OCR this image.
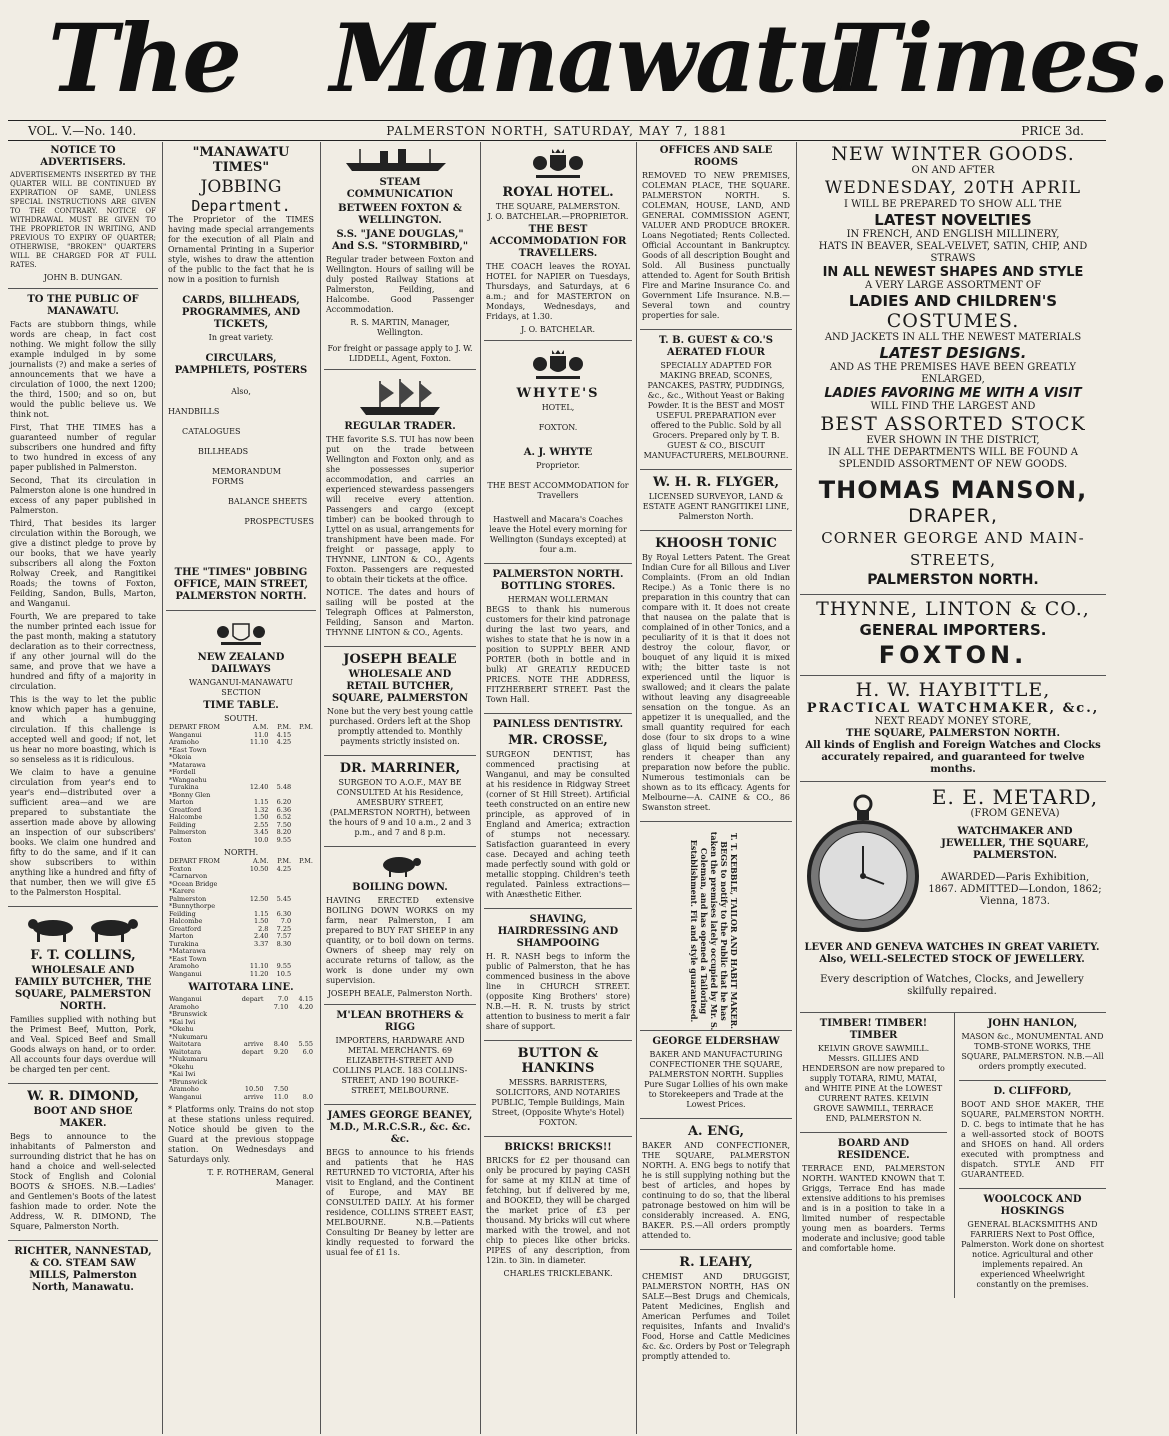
The Manawatu
Times.
PALMERSTON NORTH, SATURDAY, MAY 7, 1881
VOL. V.—No. 140.	PRICE 3d.
NOTICE TO ADVERTISERS.

ADVERTISEMENTS INSERTED BY THE QUARTER WILL BE CONTINUED BY EXPIRATION OF SAME, UNLESS SPECIAL INSTRUCTIONS ARE GIVEN TO THE CONTRARY. NOTICE OF WITHDRAWAL MUST BE GIVEN TO THE PROPRIETOR IN WRITING, AND PREVIOUS TO EXPIRY OF QUARTER; OTHERWISE, "BROKEN" QUARTERS WILL BE CHARGED FOR AT FULL RATES.

JOHN B. DUNGAN.
TO THE PUBLIC OF MANAWATU.

Facts are stubborn things, while words are cheap, in fact cost nothing. We might follow the silly example indulged in by some journalists (?) and make a series of announcements that we have a circulation of 1000, the next 1200; the third, 1500; and so on, but would the public believe us. We think not.

First, That THE TIMES has a guaranteed number of regular subscribers one hundred and fifty to two hundred in excess of any paper published in Palmerston.

Second, That its circulation in Palmerston alone is one hundred in excess of any paper published in Palmerston.

Third, That besides its larger circulation within the Borough, we give a distinct pledge to prove by our books, that we have yearly subscribers all along the Foxton Rolway Creek, and Rangitikei Roads; the towns of Foxton, Feilding, Sandon, Bulls, Marton, and Wanganui.

Fourth, We are prepared to take the number printed each issue for the past month, making a statutory declaration as to their correctness, if any other journal will do the same, and prove that we have a hundred and fifty of a majority in circulation.

This is the way to let the public know which paper has a genuine, and which a humbugging circulation. If this challenge is accepted well and good; if not, let us hear no more boasting, which is so senseless as it is ridiculous.

We claim to have a genuine circulation from year's end to year's end—distributed over a sufficient area—and we are prepared to substantiate the assertion made above by allowing an inspection of our subscribers' books. We claim one hundred and fifty to do the same, and if it can show subscribers to within anything like a hundred and fifty of that number, then we will give £5 to the Palmerston Hospital.

F. T. COLLINS,
WHOLESALE AND FAMILY BUTCHER, THE SQUARE, PALMERSTON NORTH.

Families supplied with nothing but the Primest Beef, Mutton, Pork, and Veal. Spiced Beef and Small Goods always on hand, or to order. All accounts four days overdue will be charged ten per cent.

W. R. DIMOND,
BOOT AND SHOE MAKER.

Begs to announce to the inhabitants of Palmerston and surrounding district that he has on hand a choice and well-selected Stock of English and Colonial BOOTS & SHOES. N.B.—Ladies' and Gentlemen's Boots of the latest fashion made to order. Note the Address, W. R. DIMOND, The Square, Palmerston North.

RICHTER, NANNESTAD, & CO. STEAM SAW MILLS, Palmerston North, Manawatu.
"MANAWATU TIMES"
JOBBING
Department.

The Proprietor of the TIMES having made special arrangements for the execution of all Plain and Ornamental Printing in a Superior style, wishes to draw the attention of the public to the fact that he is now in a position to furnish

CARDS, BILLHEADS, PROGRAMMES, AND TICKETS,
In great variety.
CIRCULARS, PAMPHLETS, POSTERS
Also,
HANDBILLS
CATALOGUES
BILLHEADS
MEMORANDUM FORMS
BALANCE SHEETS
PROSPECTUSES
THE "TIMES" JOBBING OFFICE, MAIN STREET, PALMERSTON NORTH.
NEW ZEALAND DAILWAYS
WANGANUI-MANAWATU SECTION
TIME TABLE.
SOUTH.
DEPART FROM	A.M.	P.M.	P.M.
Wanganui	11.0	4.15	
Aramoho	11.10	4.25	
*East Town			
*Okoia			
*Matarawa			
*Fordell			
*Wangaehu			
Turakina	12.40	5.48	
*Bonny Glen			
Marton	1.15	6.20	
Greatford	1.32	6.36	
Halcombe	1.50	6.52	
Feilding	2.55	7.50	
Palmerston	3.45	8.20	
Foxton	10.0	9.55	
NORTH.
DEPART FROM	A.M.	P.M.	P.M.
Foxton	10.50	4.25	
*Carnarvon			
*Ocean Bridge			
*Karere			
Palmerston	12.50	5.45	
*Bunnythorpe			
Feilding	1.15	6.30	
Halcombe	1.50	7.0	
Greatford	2.8	7.25	
Marton	2.40	7.57	
Turakina	3.37	8.30	
*Matarawa			
*East Town			
Aramoho	11.10	9.55	
Wanganui	11.20	10.5	
WAITOTARA LINE.
Wanganui	depart	7.0	4.15
Aramoho		7.10	4.20
*Brunswick			
*Kai Iwi			
*Okehu			
*Nukumaru			
Waitotara	arrive	8.40	5.55
Waitotara	depart	9.20	6.0
*Nukumaru			
*Okehu			
*Kai Iwi			
*Brunswick			
Aramoho	10.50	7.50	
Wanganui	arrive	11.0	8.0

* Platforms only. Trains do not stop at these stations unless required. Notice should be given to the Guard at the previous stoppage station. On Wednesdays and Saturdays only.

T. F. ROTHERAM, General Manager.
STEAM COMMUNICATION
BETWEEN FOXTON & WELLINGTON.
S.S. "JANE DOUGLAS," And S.S. "STORMBIRD,"

Regular trader between Foxton and Wellington. Hours of sailing will be duly posted Railway Stations at Palmerston, Feilding, and Halcombe. Good Passenger Accommodation.

R. S. MARTIN, Manager, Wellington.
For freight or passage apply to J. W. LIDDELL, Agent, Foxton.
REGULAR TRADER.

THE favorite S.S. TUI has now been put on the trade between Wellington and Foxton only, and as she possesses superior accommodation, and carries an experienced stewardess passengers will receive every attention. Passengers and cargo (except timber) can be booked through to Lyttel on as usual, arrangements for transhipment have been made. For freight or passage, apply to THYNNE, LINTON & CO., Agents Foxton. Passengers are requested to obtain their tickets at the office.

NOTICE. The dates and hours of sailing will be posted at the Telegraph Offices at Palmerston, Feilding, Sanson and Marton. THYNNE LINTON & CO., Agents.

JOSEPH BEALE
WHOLESALE AND RETAIL BUTCHER, SQUARE, PALMERSTON

None but the very best young cattle purchased. Orders left at the Shop promptly attended to. Monthly payments strictly insisted on.

DR. MARRINER,

SURGEON TO A.O.F., MAY BE CONSULTED At his Residence, AMESBURY STREET, (PALMERSTON NORTH), between the hours of 9 and 10 a.m., 2 and 3 p.m., and 7 and 8 p.m.

BOILING DOWN.

HAVING ERECTED extensive BOILING DOWN WORKS on my farm, near Palmerston, I am prepared to BUY FAT SHEEP in any quantity, or to boil down on terms. Owners of sheep may rely on accurate returns of tallow, as the work is done under my own supervision.

JOSEPH BEALE, Palmerston North.
M'LEAN BROTHERS & RIGG

IMPORTERS, HARDWARE AND METAL MERCHANTS. 69 ELIZABETH-STREET AND COLLINS PLACE. 183 COLLINS-STREET, AND 190 BOURKE-STREET, MELBOURNE.

JAMES GEORGE BEANEY, M.D., M.R.C.S.R., &c. &c. &c.

BEGS to announce to his friends and patients that he HAS RETURNED TO VICTORIA, After his visit to England, and the Continent of Europe, and MAY BE CONSULTED DAILY. At his former residence, COLLINS STREET EAST, MELBOURNE. N.B.—Patients Consulting Dr Beaney by letter are kindly requested to forward the usual fee of £1 1s.

ROYAL HOTEL.
THE SQUARE, PALMERSTON.
J. O. BATCHELAR.—PROPRIETOR.
THE BEST ACCOMMODATION FOR TRAVELLERS.

THE COACH leaves the ROYAL HOTEL for NAPIER on Tuesdays, Thursdays, and Saturdays, at 6 a.m.; and for MASTERTON on Mondays, Wednesdays, and Fridays, at 1.30.

J. O. BATCHELAR.
WHYTE'S
HOTEL,
FOXTON.
A. J. WHYTE
Proprietor.
THE BEST ACCOMMODATION for Travellers

Hastwell and Macara's Coaches leave the Hotel every morning for Wellington (Sundays excepted) at four a.m.

PALMERSTON NORTH. BOTTLING STORES.
HERMAN WOLLERMAN

BEGS to thank his numerous customers for their kind patronage during the last two years, and wishes to state that he is now in a position to SUPPLY BEER AND PORTER (both in bottle and in bulk) AT GREATLY REDUCED PRICES. NOTE THE ADDRESS, FITZHERBERT STREET. Past the Town Hall.

PAINLESS DENTISTRY.
MR. CROSSE,

SURGEON DENTIST, has commenced practising at Wanganui, and may be consulted at his residence in Ridgway Street (corner of St Hill Street). Artificial teeth constructed on an entire new principle, as approved of in England and America; extraction of stumps not necessary. Satisfaction guaranteed in every case. Decayed and aching teeth made perfectly sound with gold or metallic stopping. Children's teeth regulated. Painless extractions—with Anæsthetic Either.

SHAVING, HAIRDRESSING AND SHAMPOOING

H. R. NASH begs to inform the public of Palmerston, that he has commenced business in the above line in CHURCH STREET. (opposite King Brothers' store) N.B.—H. R. N. trusts by strict attention to business to merit a fair share of support.

BUTTON & HANKINS

MESSRS. BARRISTERS, SOLICITORS, AND NOTARIES PUBLIC, Temple Buildings, Main Street, (Opposite Whyte's Hotel) FOXTON.

BRICKS! BRICKS!!

BRICKS for £2 per thousand can only be procured by paying CASH for same at my KILN at time of fetching, but if delivered by me, and BOOKED, they will be charged the market price of £3 per thousand. My bricks will cut where marked with the trowel, and not chip to pieces like other bricks. PIPES of any description, from 12in. to 3in. in diameter.

CHARLES TRICKLEBANK.
OFFICES AND SALE ROOMS

REMOVED TO NEW PREMISES, COLEMAN PLACE, THE SQUARE. PALMERSTON NORTH. S. COLEMAN, HOUSE, LAND, AND GENERAL COMMISSION AGENT, VALUER AND PRODUCE BROKER. Loans Negotiated; Rents Collected. Official Accountant in Bankruptcy. Goods of all description Bought and Sold. All Business punctually attended to. Agent for South British Fire and Marine Insurance Co. and Government Life Insurance. N.B.—Several town and country properties for sale.

T. B. GUEST & CO.'S AERATED FLOUR

SPECIALLY ADAPTED FOR MAKING BREAD, SCONES, PANCAKES, PASTRY, PUDDINGS, &c., &c., Without Yeast or Baking Powder. It is the BEST and MOST USEFUL PREPARATION ever offered to the Public. Sold by all Grocers. Prepared only by T. B. GUEST & CO., BISCUIT MANUFACTURERS, MELBOURNE.

W. H. R. FLYGER,

LICENSED SURVEYOR, LAND & ESTATE AGENT RANGITIKEI LINE, Palmerston North.

KHOOSH TONIC

By Royal Letters Patent. The Great Indian Cure for all Billous and Liver Complaints. (From an old Indian Recipe.) As a Tonic there is no preparation in this country that can compare with it. It does not create that nausea on the palate that is complained of in other Tonics, and a peculiarity of it is that it does not destroy the colour, flavor, or bouquet of any liquid it is mixed with; the bitter taste is not experienced until the liquor is swallowed; and it clears the palate without leaving any disagreeable sensation on the tongue. As an appetizer it is unequalled, and the small quantity required for each dose (four to six drops to a wine glass of liquid being sufficient) renders it cheaper than any preparation now before the public. Numerous testimonials can be shown as to its efficacy. Agents for Melbourne—A. CAINE & CO., 86 Swanston street.

T. T. KEBBLE, TAILOR AND HABIT MAKER. BEGS to notify to the Public that he has taken the premises lately occupied by Mr. S. Coleman, and has opened a Tailoring Establishment. Fit and style guaranteed.
GEORGE ELDERSHAW

BAKER AND MANUFACTURING CONFECTIONER THE SQUARE, PALMERSTON NORTH. Supplies Pure Sugar Lollies of his own make to Storekeepers and Trade at the Lowest Prices.

A. ENG,

BAKER AND CONFECTIONER, THE SQUARE, PALMERSTON NORTH. A. ENG begs to notify that he is still supplying nothing but the best of articles, and hopes by continuing to do so, that the liberal patronage bestowed on him will be considerably increased. A. ENG, BAKER. P.S.—All orders promptly attended to.

R. LEAHY,

CHEMIST AND DRUGGIST, PALMERSTON NORTH, HAS ON SALE—Best Drugs and Chemicals, Patent Medicines, English and American Perfumes and Toilet requisites, Infants and Invalid's Food, Horse and Cattle Medicines &c. &c. Orders by Post or Telegraph promptly attended to.

NEW WINTER GOODS.
ON AND AFTER
WEDNESDAY, 20TH APRIL
I WILL BE PREPARED TO SHOW ALL THE
LATEST NOVELTIES
IN FRENCH, AND ENGLISH MILLINERY,
HATS IN BEAVER, SEAL-VELVET, SATIN, CHIP, AND STRAWS
IN ALL NEWEST SHAPES AND STYLE
A VERY LARGE ASSORTMENT OF
LADIES AND CHILDREN'S
COSTUMES.
AND JACKETS IN ALL THE NEWEST MATERIALS
LATEST DESIGNS.
AND AS THE PREMISES HAVE BEEN GREATLY ENLARGED,
LADIES FAVORING ME WITH A VISIT
WILL FIND THE LARGEST AND
BEST ASSORTED STOCK
EVER SHOWN IN THE DISTRICT,
IN ALL THE DEPARTMENTS WILL BE FOUND A SPLENDID ASSORTMENT OF NEW GOODS.
THOMAS MANSON,
DRAPER,
CORNER GEORGE AND MAIN-STREETS,
PALMERSTON NORTH.
THYNNE, LINTON & CO.,
GENERAL IMPORTERS.
FOXTON.
H. W. HAYBITTLE,
PRACTICAL WATCHMAKER, &c.,
NEXT READY MONEY STORE,
THE SQUARE, PALMERSTON NORTH.
All kinds of English and Foreign Watches and Clocks accurately repaired, and guaranteed for twelve months.
E. E. METARD,
(FROM GENEVA)
WATCHMAKER AND JEWELLER, THE SQUARE, PALMERSTON.
AWARDED—Paris Exhibition, 1867. ADMITTED—London, 1862; Vienna, 1873.
LEVER AND GENEVA WATCHES IN GREAT VARIETY. Also, WELL-SELECTED STOCK OF JEWELLERY.
Every description of Watches, Clocks, and Jewellery skilfully repaired.
TIMBER! TIMBER! TIMBER

KELVIN GROVE SAWMILL. Messrs. GILLIES AND HENDERSON are now prepared to supply TOTARA, RIMU, MATAI, and WHITE PINE At the LOWEST CURRENT RATES. KELVIN GROVE SAWMILL, TERRACE END, PALMERSTON N.

BOARD AND RESIDENCE.

TERRACE END, PALMERSTON NORTH. WANTED KNOWN that T. Griggs, Terrace End has made extensive additions to his premises and is in a position to take in a limited number of respectable young men as boarders. Terms moderate and inclusive; good table and comfortable home.

JOHN HANLON,

MASON &c., MONUMENTAL AND TOMB-STONE WORKS, THE SQUARE, PALMERSTON. N.B.—All orders promptly executed.

D. CLIFFORD,

BOOT AND SHOE MAKER, THE SQUARE, PALMERSTON NORTH. D. C. begs to intimate that he has a well-assorted stock of BOOTS and SHOES on hand. All orders executed with promptness and dispatch. STYLE AND FIT GUARANTEED.

WOOLCOCK AND HOSKINGS

GENERAL BLACKSMITHS AND FARRIERS Next to Post Office, Palmerston. Work done on shortest notice. Agricultural and other implements repaired. An experienced Wheelwright constantly on the premises.
